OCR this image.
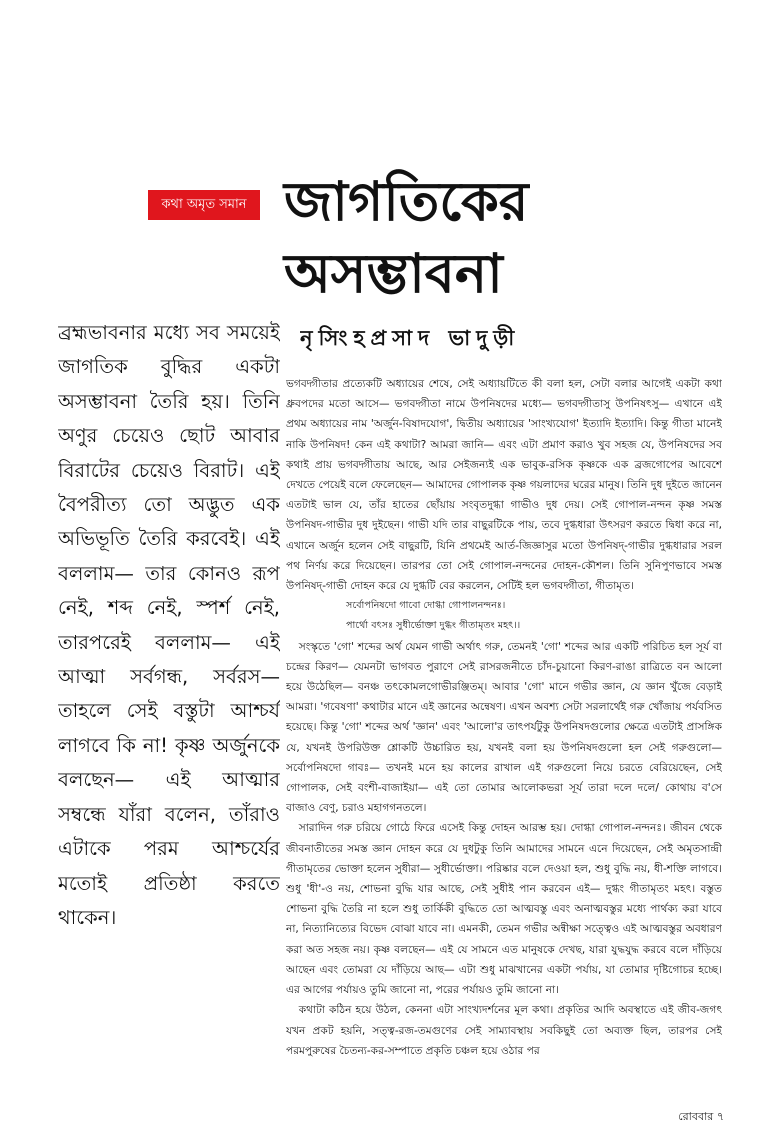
কথা অমৃত সমান জাগতিকের
অসম্ভাবনা
নৃসিংহপ্রসাদ ভাদুড়ী

ব্রহ্মভাবনার মধ্যে সব সময়েই জাগতিক বুদ্ধির একটা অসম্ভাবনা তৈরি হয়। তিনি অণুর চেয়েও ছোট আবার বিরাটের চেয়েও বিরাট। এই বৈপরীত্য তো অদ্ভুত এক অভিভূতি তৈরি করবেই। এই বললাম— তার কোনও রূপ নেই, শব্দ নেই, স্পর্শ নেই, তারপরেই বললাম— এই আত্মা সর্বগন্ধ, সর্বরস— তাহলে সেই বস্তুটা আশ্চর্য লাগবে কি না! কৃষ্ণ অর্জুনকে বলছেন— এই আত্মার সম্বন্ধে যাঁরা বলেন, তাঁরাও এটাকে পরম আশ্চর্যের মতোই প্রতিষ্ঠা করতে থাকেন।

ভগবদ্গীতার প্রত্যেকটি অধ্যায়ের শেষে, সেই অধ্যায়টিতে কী বলা হল, সেটা বলার আগেই একটা কথা ধ্রুবপদের মতো আসে— ভগবদ্গীতা নামে উপনিষদের মধ্যে— ভগবদ্গীতাসু উপনিষৎসু— এখানে এই প্রথম অধ্যায়ের নাম 'অর্জুন-বিষাদযোগ', দ্বিতীয় অধ্যায়ের 'সাংখ্যযোগ' ইত্যাদি ইত্যাদি। কিন্তু গীতা মানেই নাকি উপনিষদ! কেন এই কথাটা? আমরা জানি— এবং এটা প্রমাণ করাও খুব সহজ যে, উপনিষদের সব কথাই প্রায় ভগবদ্গীতায় আছে, আর সেইজন্যই এক ভাবুক-রসিক কৃষ্ণকে এক ব্রজগোপের আবেশে দেখতে পেয়েই বলে ফেলেছেন— আমাদের গোপালক কৃষ্ণ গয়লাদের ঘরের মানুষ। তিনি দুধ দুইতে জানেন এতটাই ভাল যে, তাঁর হাতের ছোঁয়ায় সংবৃতদুগ্ধা গাভীও দুধ দেয়। সেই গোপাল-নন্দন কৃষ্ণ সমস্ত উপনিষদ-গাভীর দুধ দুইছেন। গাভী যদি তার বাছুরটিকে পায়, তবে দুগ্ধধারা উৎসরণ করতে দ্বিধা করে না, এখানে অর্জুন হলেন সেই বাছুরটি, যিনি প্রথমেই আর্ত-জিজ্ঞাসুর মতো উপনিষদ্-গাভীর দুগ্ধধারার সরল পথ নির্ণয় করে দিয়েছেন। তারপর তো সেই গোপাল-নন্দনের দোহন-কৌশল। তিনি সুনিপুণভাবে সমস্ত উপনিষদ্-গাভী দোহন করে যে দুগ্ধটি বের করলেন, সেটিই হল ভগবদ্গীতা, গীতামৃত।

সর্বোপনিষদো গাবো দোগ্ধা গোপালনন্দনঃ।
পার্থো বৎসঃ সুধীর্ভোক্তা দুগ্ধং গীতামৃতং মহৎ।।

সংস্কৃতে 'গো' শব্দের অর্থ যেমন গাভী অর্থাৎ গরু, তেমনই 'গো' শব্দের আর একটি পরিচিত হল সূর্য বা চন্দ্রের কিরণ— যেমনটা ভাগবত পুরাণে সেই রাসরজনীতে চাঁদ-চুয়ানো কিরণ-রাঙা রাত্রিতে বন আলো হয়ে উঠেছিল— বনঞ্চ তৎকোমলগোভীরঞ্জিতম্। আবার 'গো' মানে গভীর জ্ঞান, যে জ্ঞান খুঁজে বেড়াই আমরা। 'গবেষণা' কথাটার মানে এই জ্ঞানের অন্বেষণ। এখন অবশ্য সেটা সরলার্থেই গরু খোঁজায় পর্যবসিত হয়েছে। কিন্তু 'গো' শব্দের অর্থ 'জ্ঞান' এবং 'আলো'র তাৎপর্যটুকু উপনিষদগুলোর ক্ষেত্রে এতটাই প্রাসঙ্গিক যে, যখনই উপরিউক্ত শ্লোকটি উচ্চারিত হয়, যখনই বলা হয় উপনিষদগুলো হল সেই গরুগুলো— সর্বোপনিষদো গাবঃ— তখনই মনে হয় কালের রাখাল এই গরুগুলো নিয়ে চরতে বেরিয়েছেন, সেই গোপালক, সেই বংশী-বাজাইয়া— এই তো তোমার আলোকভরা সূর্য তারা দলে দলে/ কোথায় ব'সে বাজাও বেণু, চরাও মহাগগনতলে।

সারাদিন গরু চরিয়ে গোঠে ফিরে এসেই কিন্তু দোহন আরম্ভ হয়। দোগ্ধা গোপাল-নন্দনঃ। জীবন থেকে জীবনাতীতের সমস্ত জ্ঞান দোহন করে যে দুধটুকু তিনি আমাদের সামনে এনে দিয়েছেন, সেই অমৃতসান্দ্রী গীতামৃতের ভোক্তা হলেন সুধীরা— সুধীর্ভোক্তা। পরিষ্কার বলে দেওয়া হল, শুধু বুদ্ধি নয়, ধী-শক্তি লাগবে। শুধু 'ধী'-ও নয়, শোভনা বুদ্ধি যার আছে, সেই সুধীই পান করবেন এই— দুগ্ধং গীতামৃতং মহৎ। বস্তুত শোভনা বুদ্ধি তৈরি না হলে শুধু তার্কিকী বুদ্ধিতে তো আত্মবস্তু এবং অনাত্মবস্তুর মধ্যে পার্থক্য করা যাবে না, নিত্যানিত্যের বিভেদ বোঝা যাবে না। এমনকী, তেমন গভীর অন্বীক্ষা সত্ত্বেও এই আত্মবস্তুর অবধারণ করা অত সহজ নয়। কৃষ্ণ বলছেন— এই যে সামনে এত মানুষকে দেখছ, যারা যুদ্ধযুদ্ধ করবে বলে দাঁড়িয়ে আছেন এবং তোমরা যে দাঁড়িয়ে আছ— এটা শুধু মাঝখানের একটা পর্যায়, যা তোমার দৃষ্টিগোচর হচ্ছে। এর আগের পর্যায়ও তুমি জানো না, পরের পর্যায়ও তুমি জানো না।

কথাটা কঠিন হয়ে উঠল, কেননা এটা সাংখ্যদর্শনের মূল কথা। প্রকৃতির আদি অবস্থাতে এই জীব-জগৎ যখন প্রকট হয়নি, সত্ত্ব-রজ-তমগুণের সেই সাম্যাবস্থায় সবকিছুই তো অব্যক্ত ছিল, তারপর সেই পরমপুরুষের চৈতন্য-কর-সম্পাতে প্রকৃতি চঞ্চল হয়ে ওঠার পর

রোববার ৭
